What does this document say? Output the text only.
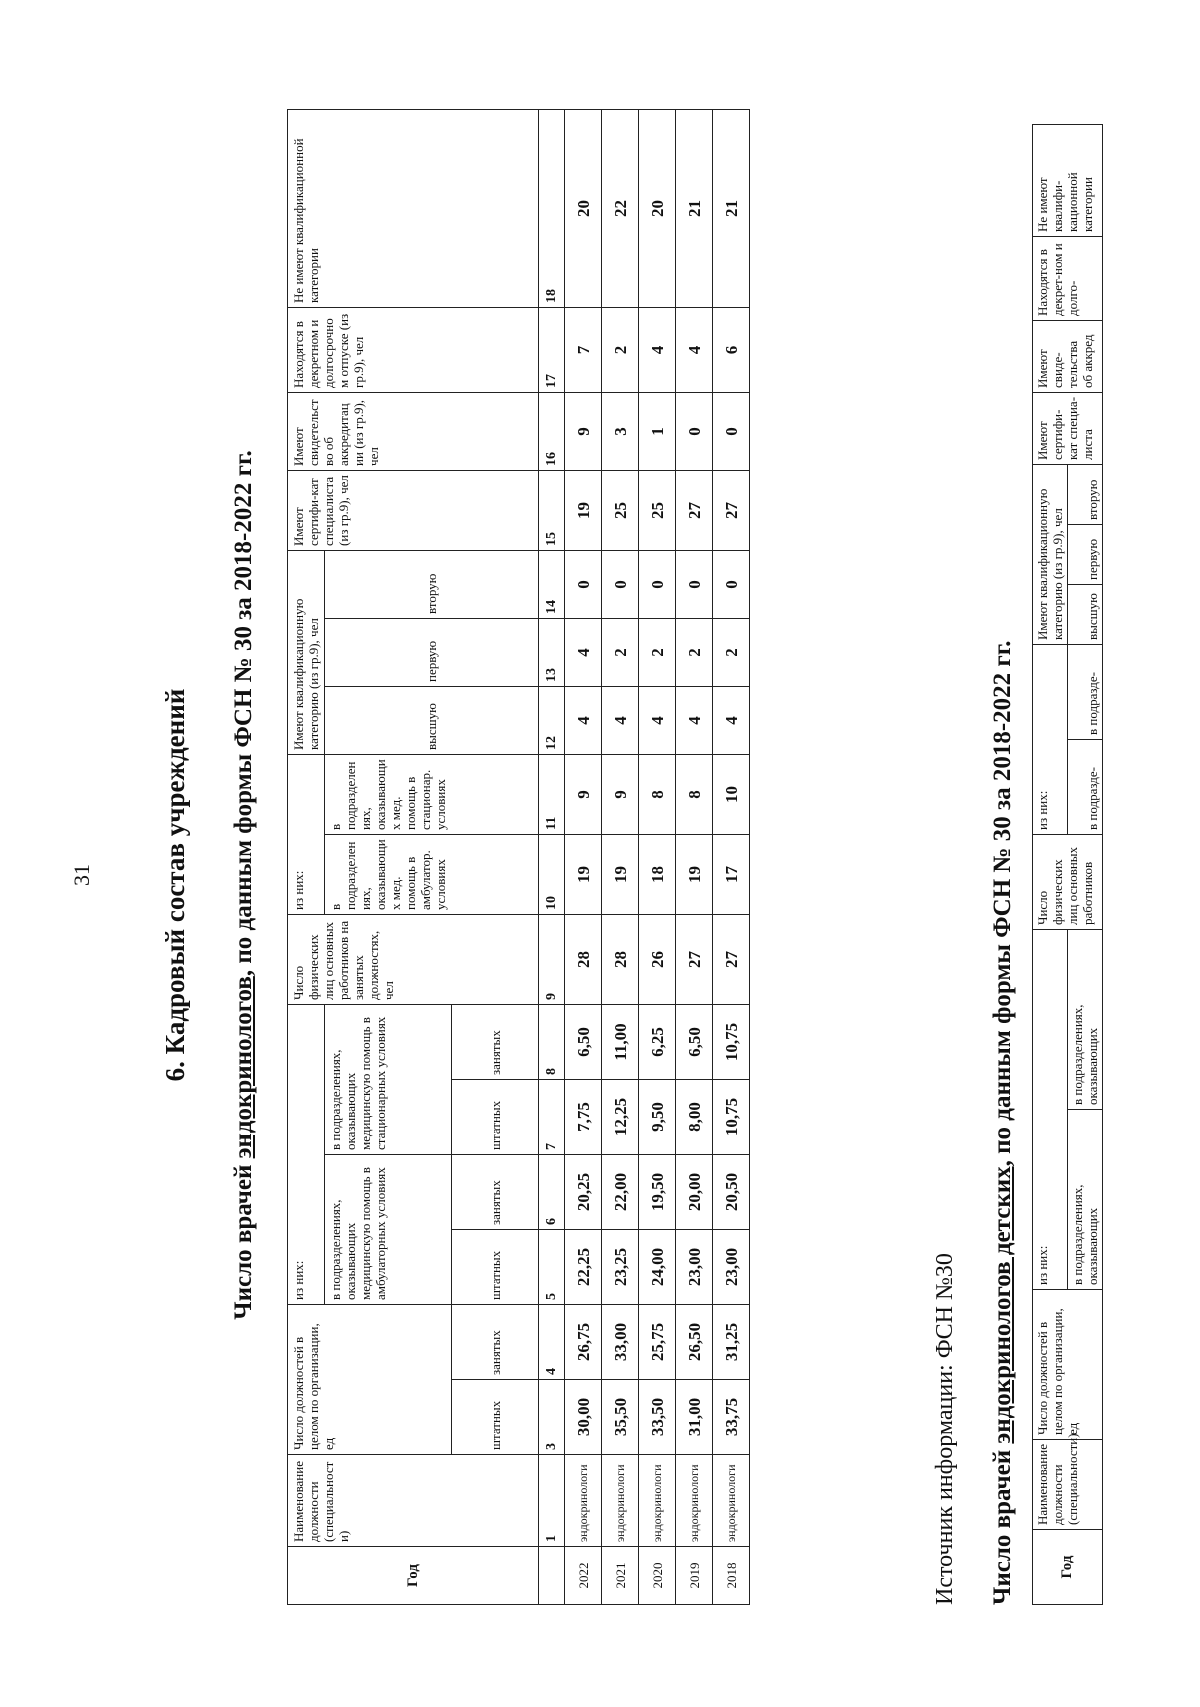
31 6. Кадровый состав учреждений
Число врачей эндокринологов, по данным формы ФСН № 30 за 2018-2022 гг.
Год	Наименование должности (специальности)	Число должностей в целом по организации, ед		из них:				Число физических лиц основных работников на занятых должностях, чел	из них:		Имеют квалификационную категорию (из гр.9), чел			Имеют сертифи-кат специалиста (из гр.9), чел	Имеют свидетельство об аккредитации (из гр.9), чел	Находятся в декретном и долгосрочном отпуске (из гр.9), чел	Не имеют квалификационной категории
				в подразделениях, оказывающих медицинскую помощь в амбулаторных условиях		в подразделениях, оказывающих медицинскую помощь в стационарных условиях			в подразделениях, оказывающих мед. помощь в амбулатор. условиях	в подразделениях, оказывающих мед. помощь в стационар. условиях	высшую	первую	вторую				
		штатных	занятых	штатных	занятых	штатных	занятых										
	1	3	4	5	6	7	8	9	10	11	12	13	14	15	16	17	18
2022	эндокринологи	30,00	26,75	22,25	20,25	7,75	6,50	28	19	9	4	4	0	19	9	7	20
2021	эндокринологи	35,50	33,00	23,25	22,00	12,25	11,00	28	19	9	4	2	0	25	3	2	22
2020	эндокринологи	33,50	25,75	24,00	19,50	9,50	6,25	26	18	8	4	2	0	25	1	4	20
2019	эндокринологи	31,00	26,50	23,00	20,00	8,00	6,50	27	19	8	4	2	0	27	0	4	21
2018	эндокринологи	33,75	31,25	23,00	20,50	10,75	10,75	27	17	10	4	2	0	27	0	6	21
Источник информации: ФСН №30 Число врачей эндокринологов детских, по данным формы ФСН № 30 за 2018-2022 гг.
Год	Наименование должности (специальности)	Число должностей в целом по организации, ед	из них:		Число физических лиц основных работников	из них:		Имеют квалификационную категорию (из гр.9), чел			Имеют сертифи-кат специа-листа	Имеют свиде-тельства об аккред	Находятся в декрет-ном и долго-	Не имеют квалифи-кационной категории	
			в подразделениях, оказывающих	в подразделениях, оказывающих		в подразде-	в подразде-	высшую	первую	вторую					
